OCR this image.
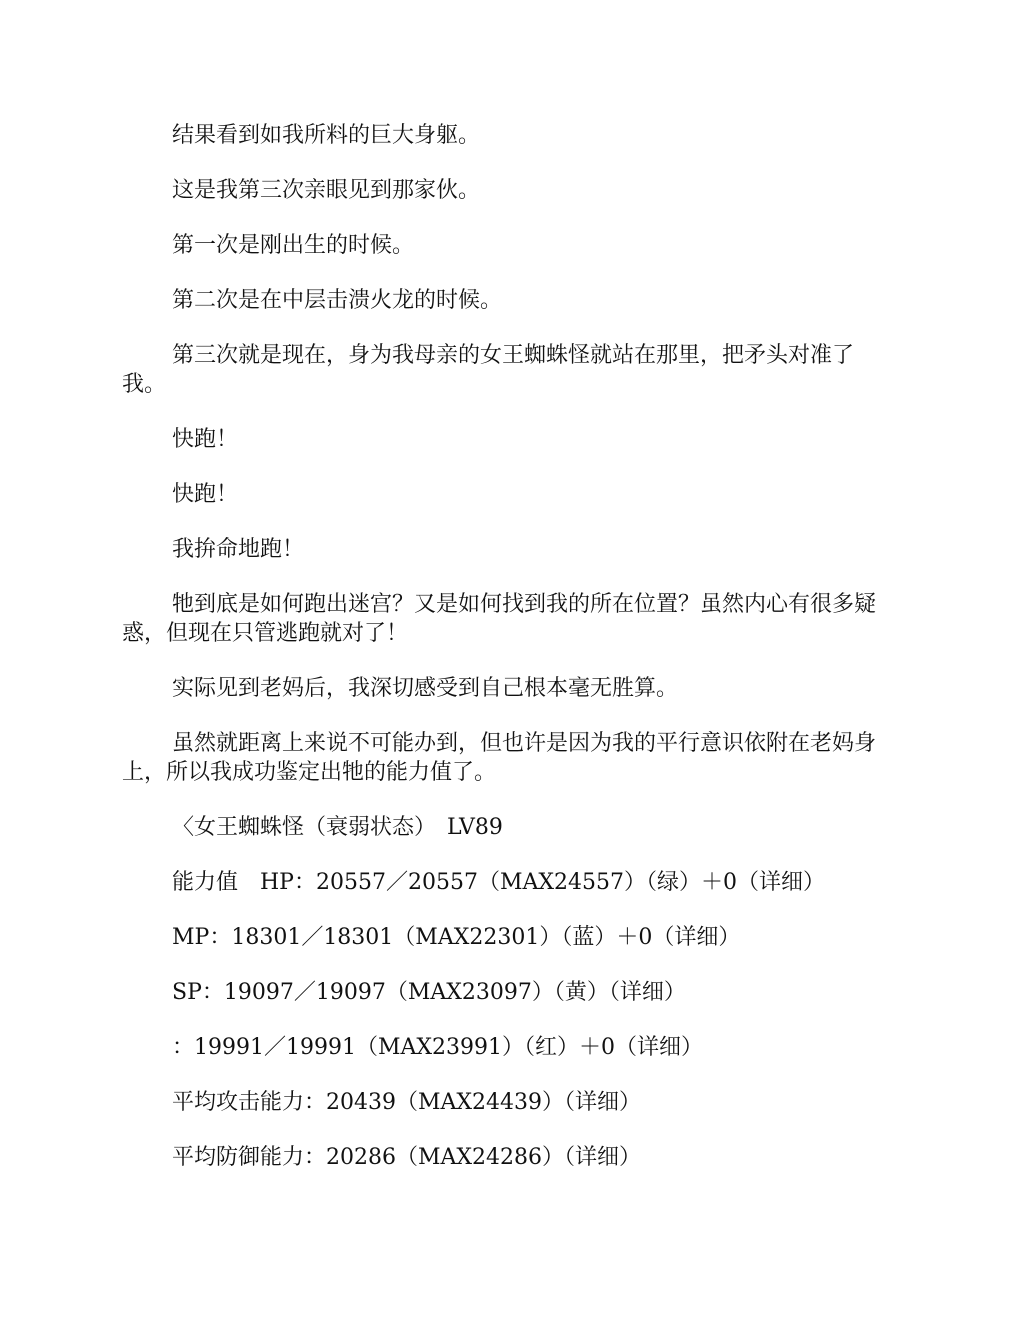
结果看到如我所料的巨大身躯。

这是我第三次亲眼见到那家伙。

第一次是刚出生的时候。

第二次是在中层击溃火龙的时候。

第三次就是现在，身为我母亲的女王蜘蛛怪就站在那里，把矛头对准了我。

快跑！

快跑！

我拚命地跑！

牠到底是如何跑出迷宫？又是如何找到我的所在位置？虽然内心有很多疑惑，但现在只管逃跑就对了！

实际见到老妈后，我深切感受到自己根本毫无胜算。

虽然就距离上来说不可能办到，但也许是因为我的平行意识依附在老妈身上，所以我成功鉴定出牠的能力值了。

〈女王蜘蛛怪（衰弱状态）　LV89

能力值　HP：20557／20557（MAX24557）（绿）＋0（详细）

MP：18301／18301（MAX22301）（蓝）＋0（详细）

SP：19097／19097（MAX23097）（黄）（详细）

：19991／19991（MAX23991）（红）＋0（详细）

平均攻击能力：20439（MAX24439）（详细）

平均防御能力：20286（MAX24286）（详细）
